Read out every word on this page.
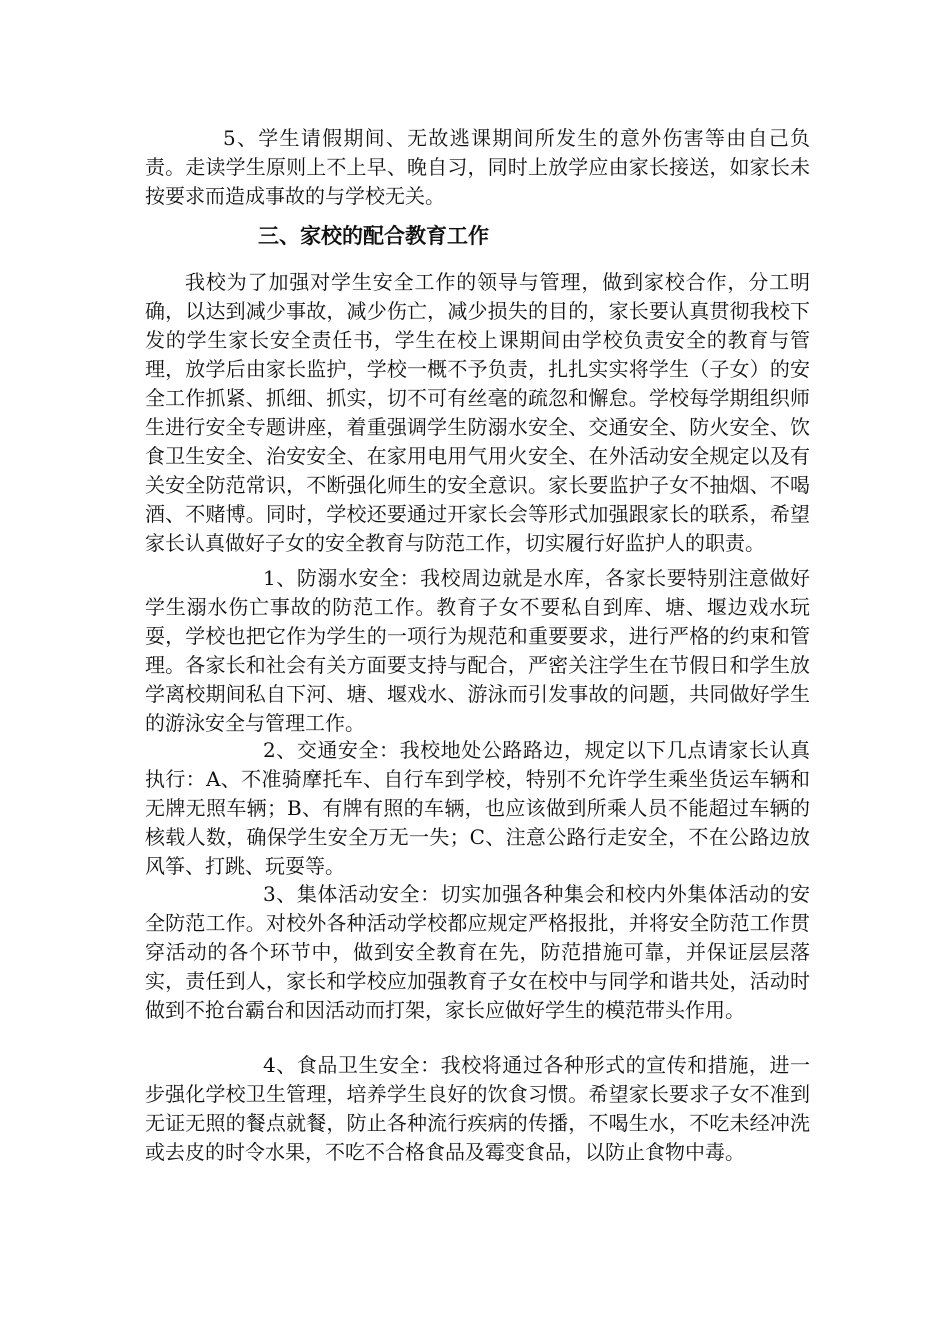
5、学生请假期间、无故逃课期间所发生的意外伤害等由自己负责。走读学生原则上不上早、晚自习，同时上放学应由家长接送，如家长未按要求而造成事故的与学校无关。

三、家校的配合教育工作

我校为了加强对学生安全工作的领导与管理，做到家校合作，分工明确，以达到减少事故，减少伤亡，减少损失的目的，家长要认真贯彻我校下发的学生家长安全责任书，学生在校上课期间由学校负责安全的教育与管理，放学后由家长监护，学校一概不予负责，扎扎实实将学生（子女）的安全工作抓紧、抓细、抓实，切不可有丝毫的疏忽和懈怠。学校每学期组织师生进行安全专题讲座，着重强调学生防溺水安全、交通安全、防火安全、饮食卫生安全、治安安全、在家用电用气用火安全、在外活动安全规定以及有关安全防范常识，不断强化师生的安全意识。家长要监护子女不抽烟、不喝酒、不赌博。同时，学校还要通过开家长会等形式加强跟家长的联系，希望家长认真做好子女的安全教育与防范工作，切实履行好监护人的职责。

1、防溺水安全：我校周边就是水库，各家长要特别注意做好学生溺水伤亡事故的防范工作。教育子女不要私自到库、塘、堰边戏水玩耍，学校也把它作为学生的一项行为规范和重要要求，进行严格的约束和管理。各家长和社会有关方面要支持与配合，严密关注学生在节假日和学生放学离校期间私自下河、塘、堰戏水、游泳而引发事故的问题，共同做好学生的游泳安全与管理工作。

2、交通安全：我校地处公路路边，规定以下几点请家长认真执行：A、不准骑摩托车、自行车到学校，特别不允许学生乘坐货运车辆和无牌无照车辆；B、有牌有照的车辆，也应该做到所乘人员不能超过车辆的核载人数，确保学生安全万无一失；C、注意公路行走安全，不在公路边放风筝、打跳、玩耍等。

3、集体活动安全：切实加强各种集会和校内外集体活动的安全防范工作。对校外各种活动学校都应规定严格报批，并将安全防范工作贯穿活动的各个环节中，做到安全教育在先，防范措施可靠，并保证层层落实，责任到人，家长和学校应加强教育子女在校中与同学和谐共处，活动时做到不抢台霸台和因活动而打架，家长应做好学生的模范带头作用。

4、食品卫生安全：我校将通过各种形式的宣传和措施，进一步强化学校卫生管理，培养学生良好的饮食习惯。希望家长要求子女不准到无证无照的餐点就餐，防止各种流行疾病的传播，不喝生水，不吃未经冲洗或去皮的时令水果，不吃不合格食品及霉变食品，以防止食物中毒。
